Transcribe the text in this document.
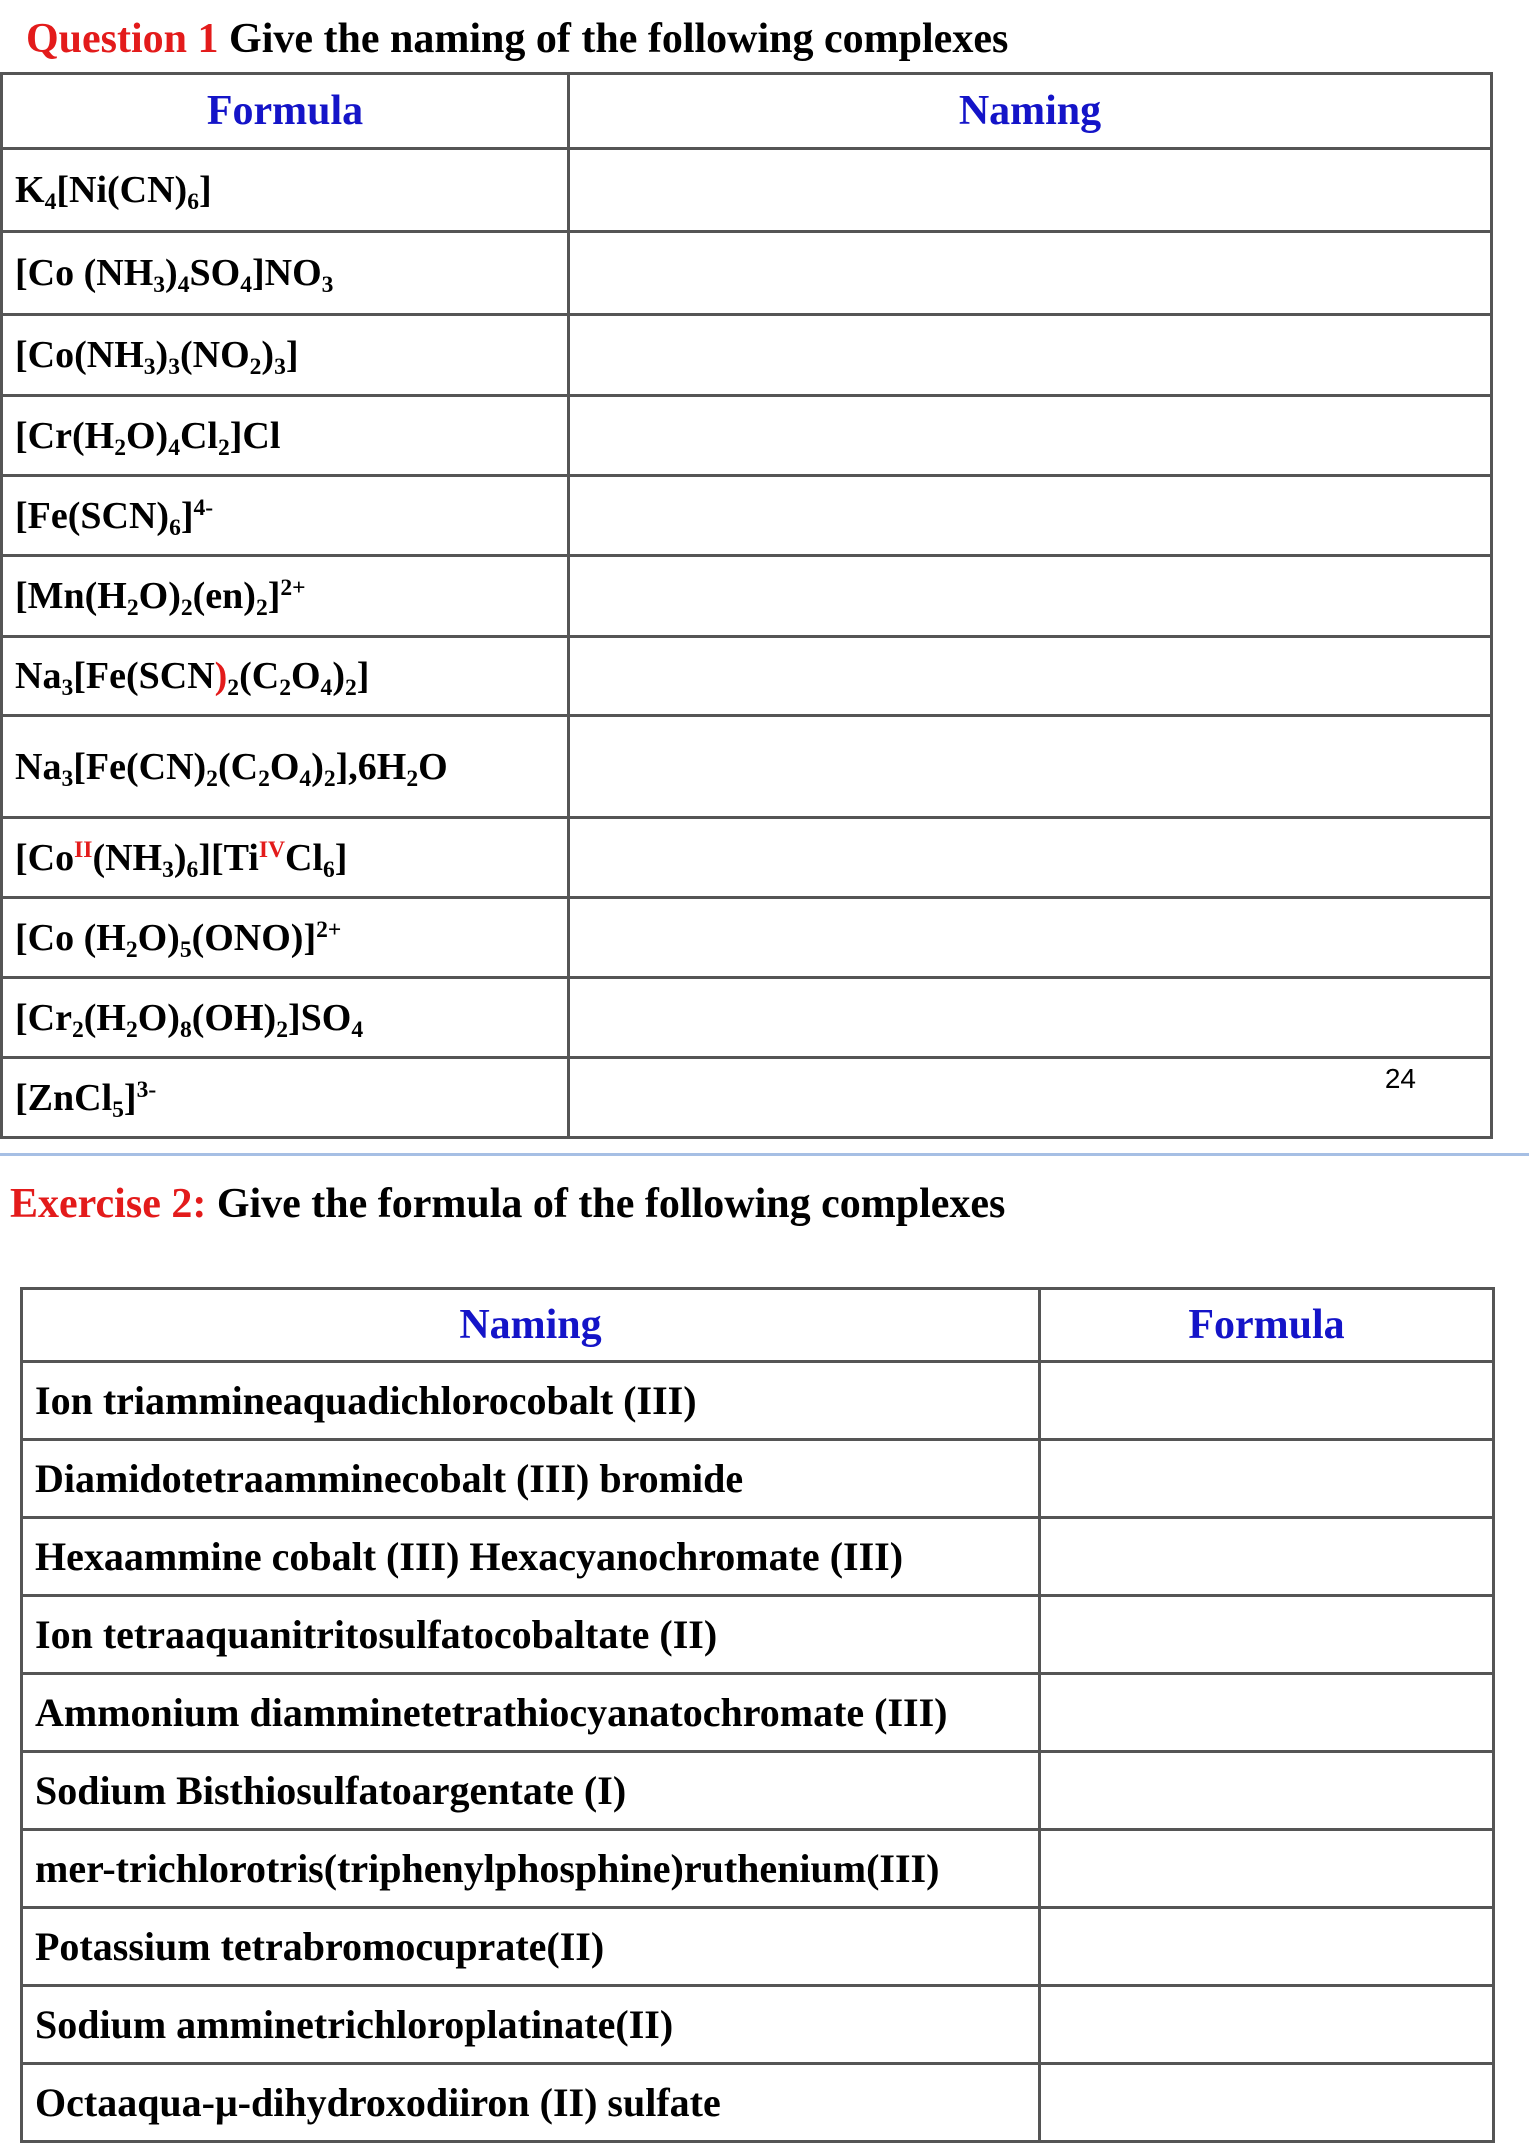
Question 1 Give the naming of the following complexes
Formula	Naming
$K_4[Ni(CN)_6]$	
[Co $(NH_3)_4SO_4]NO_3$	
$[Co(NH_3)_3(NO_2)_3]$	
$[Cr(H_2O)_4Cl_2]Cl$	
$[Fe(SCN)_6]^{4-}$	
$[Mn(H_2O)_2(en)_2]^{2+}$	
$Na_3[Fe(SCN)_2(C_2O_4)_2]$	
$Na_3[Fe(CN)_2(C_2O_4)_2],6H_2O$	
$[Co^{II}(NH_3)_6][Ti^{IV}Cl_6]$	
[Co $(H_2O)_5(ONO)]^{2+}$	
$[Cr_2(H_2O)_8(OH)_2]SO_4$	
[ZnCl$_5$]$^{3-}$	24
Exercise 2: Give the formula of the following complexes
Naming	Formula
Ion triammineaquadichlorocobalt (III)	
Diamidotetraamminecobalt (III) bromide	
Hexaammine cobalt (III) Hexacyanochromate (III)	
Ion tetraaquanitritosulfatocobaltate (II)	
Ammonium diamminetetrathiocyanatochromate (III)	
Sodium Bisthiosulfatoargentate (I)	
mer-trichlorotris(triphenylphosphine)ruthenium(III)	
Potassium tetrabromocuprate(II)	
Sodium amminetrichloroplatinate(II)	
Octaaqua-μ-dihydroxodiiron (II) sulfate	
